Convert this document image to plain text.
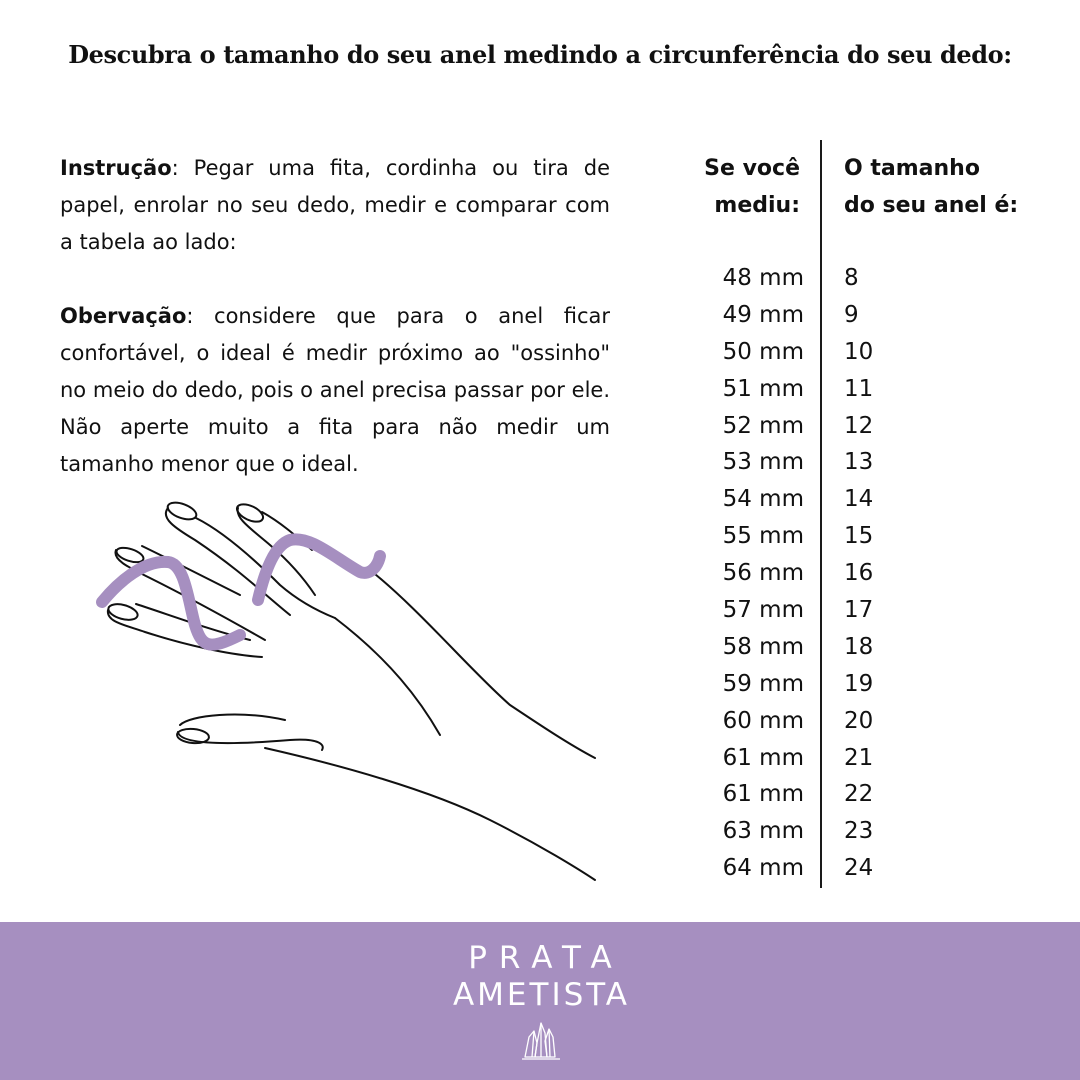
Descubra o tamanho do seu anel medindo a circunferência do seu dedo:
Instrução: Pegar uma fita, cordinha ou tira de papel, enrolar no seu dedo, medir e comparar com a tabela ao lado:
Obervação: considere que para o anel ficar confortável, o ideal é medir próximo ao "ossinho" no meio do dedo, pois o anel precisa passar por ele. Não aperte muito a fita para não medir um tamanho menor que o ideal.
Se você
mediu:
O tamanho
do seu anel é:
48 mm 8
49 mm 9
50 mm 10
51 mm 11
52 mm 12
53 mm 13
54 mm 14
55 mm 15
56 mm 16
57 mm 17
58 mm 18
59 mm 19
60 mm 20
61 mm 21
61 mm 22
63 mm 23
64 mm 24
PRATA
AMETISTA
